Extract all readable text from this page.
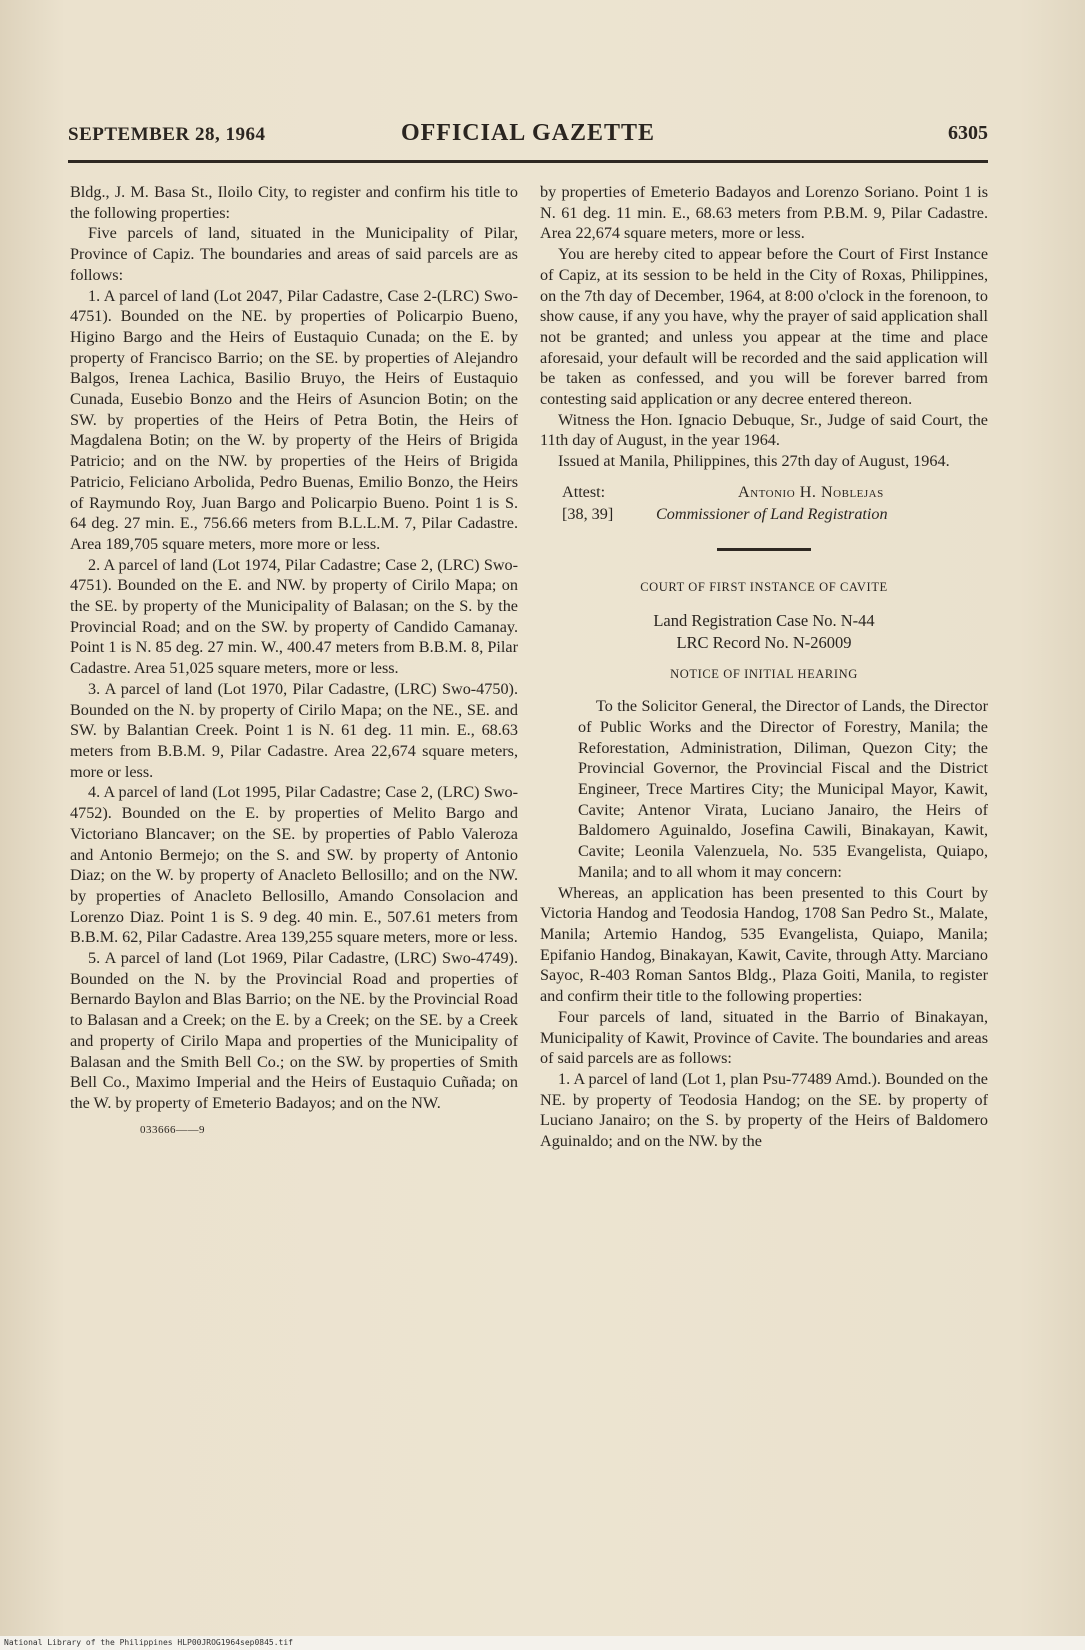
SEPTEMBER 28, 1964	OFFICIAL GAZETTE	6305

Bldg., J. M. Basa St., Iloilo City, to register and confirm his title to the following properties:

Five parcels of land, situated in the Municipality of Pilar, Province of Capiz. The boundaries and areas of said parcels are as follows:

1. A parcel of land (Lot 2047, Pilar Cadastre, Case 2-(LRC) Swo-4751). Bounded on the NE. by properties of Policarpio Bueno, Higino Bargo and the Heirs of Eustaquio Cunada; on the E. by property of Francisco Barrio; on the SE. by properties of Alejandro Balgos, Irenea Lachica, Basilio Bruyo, the Heirs of Eustaquio Cunada, Eusebio Bonzo and the Heirs of Asuncion Botin; on the SW. by properties of the Heirs of Petra Botin, the Heirs of Magdalena Botin; on the W. by property of the Heirs of Brigida Patricio; and on the NW. by properties of the Heirs of Brigida Patricio, Feliciano Arbolida, Pedro Buenas, Emilio Bonzo, the Heirs of Raymundo Roy, Juan Bargo and Policarpio Bueno. Point 1 is S. 64 deg. 27 min. E., 756.66 meters from B.L.L.M. 7, Pilar Cadastre. Area 189,705 square meters, more more or less.

2. A parcel of land (Lot 1974, Pilar Cadastre; Case 2, (LRC) Swo-4751). Bounded on the E. and NW. by property of Cirilo Mapa; on the SE. by property of the Municipality of Balasan; on the S. by the Provincial Road; and on the SW. by property of Candido Camanay. Point 1 is N. 85 deg. 27 min. W., 400.47 meters from B.B.M. 8, Pilar Cadastre. Area 51,025 square meters, more or less.

3. A parcel of land (Lot 1970, Pilar Cadastre, (LRC) Swo-4750). Bounded on the N. by property of Cirilo Mapa; on the NE., SE. and SW. by Balantian Creek. Point 1 is N. 61 deg. 11 min. E., 68.63 meters from B.B.M. 9, Pilar Cadastre. Area 22,674 square meters, more or less.

4. A parcel of land (Lot 1995, Pilar Cadastre; Case 2, (LRC) Swo-4752). Bounded on the E. by properties of Melito Bargo and Victoriano Blancaver; on the SE. by properties of Pablo Valeroza and Antonio Bermejo; on the S. and SW. by property of Antonio Diaz; on the W. by property of Anacleto Bellosillo; and on the NW. by properties of Anacleto Bellosillo, Amando Consolacion and Lorenzo Diaz. Point 1 is S. 9 deg. 40 min. E., 507.61 meters from B.B.M. 62, Pilar Cadastre. Area 139,255 square meters, more or less.

5. A parcel of land (Lot 1969, Pilar Cadastre, (LRC) Swo-4749). Bounded on the N. by the Provincial Road and properties of Bernardo Baylon and Blas Barrio; on the NE. by the Provincial Road to Balasan and a Creek; on the E. by a Creek; on the SE. by a Creek and property of Cirilo Mapa and properties of the Municipality of Balasan and the Smith Bell Co.; on the SW. by properties of Smith Bell Co., Maximo Imperial and the Heirs of Eustaquio Cuñada; on the W. by property of Emeterio Badayos; and on the NW.

033666——9

by properties of Emeterio Badayos and Lorenzo Soriano. Point 1 is N. 61 deg. 11 min. E., 68.63 meters from P.B.M. 9, Pilar Cadastre. Area 22,674 square meters, more or less.

You are hereby cited to appear before the Court of First Instance of Capiz, at its session to be held in the City of Roxas, Philippines, on the 7th day of December, 1964, at 8:00 o'clock in the forenoon, to show cause, if any you have, why the prayer of said application shall not be granted; and unless you appear at the time and place aforesaid, your default will be recorded and the said application will be taken as confessed, and you will be forever barred from contesting said application or any decree entered thereon.

Witness the Hon. Ignacio Debuque, Sr., Judge of said Court, the 11th day of August, in the year 1964.

Issued at Manila, Philippines, this 27th day of August, 1964.

Attest:	Antonio H. Noblejas
[38, 39]	Commissioner of Land Registration
COURT OF FIRST INSTANCE OF CAVITE
Land Registration Case No. N-44
LRC Record No. N-26009
NOTICE OF INITIAL HEARING

To the Solicitor General, the Director of Lands, the Director of Public Works and the Director of Forestry, Manila; the Reforestation, Administration, Diliman, Quezon City; the Provincial Governor, the Provincial Fiscal and the District Engineer, Trece Martires City; the Municipal Mayor, Kawit, Cavite; Antenor Virata, Luciano Janairo, the Heirs of Baldomero Aguinaldo, Josefina Cawili, Binakayan, Kawit, Cavite; Leonila Valenzuela, No. 535 Evangelista, Quiapo, Manila; and to all whom it may concern:

Whereas, an application has been presented to this Court by Victoria Handog and Teodosia Handog, 1708 San Pedro St., Malate, Manila; Artemio Handog, 535 Evangelista, Quiapo, Manila; Epifanio Handog, Binakayan, Kawit, Cavite, through Atty. Marciano Sayoc, R-403 Roman Santos Bldg., Plaza Goiti, Manila, to register and confirm their title to the following properties:

Four parcels of land, situated in the Barrio of Binakayan, Municipality of Kawit, Province of Cavite. The boundaries and areas of said parcels are as follows:

1. A parcel of land (Lot 1, plan Psu-77489 Amd.). Bounded on the NE. by property of Teodosia Handog; on the SE. by property of Luciano Janairo; on the S. by property of the Heirs of Baldomero Aguinaldo; and on the NW. by the

National Library of the Philippines HLP00JROG1964sep0845.tif
